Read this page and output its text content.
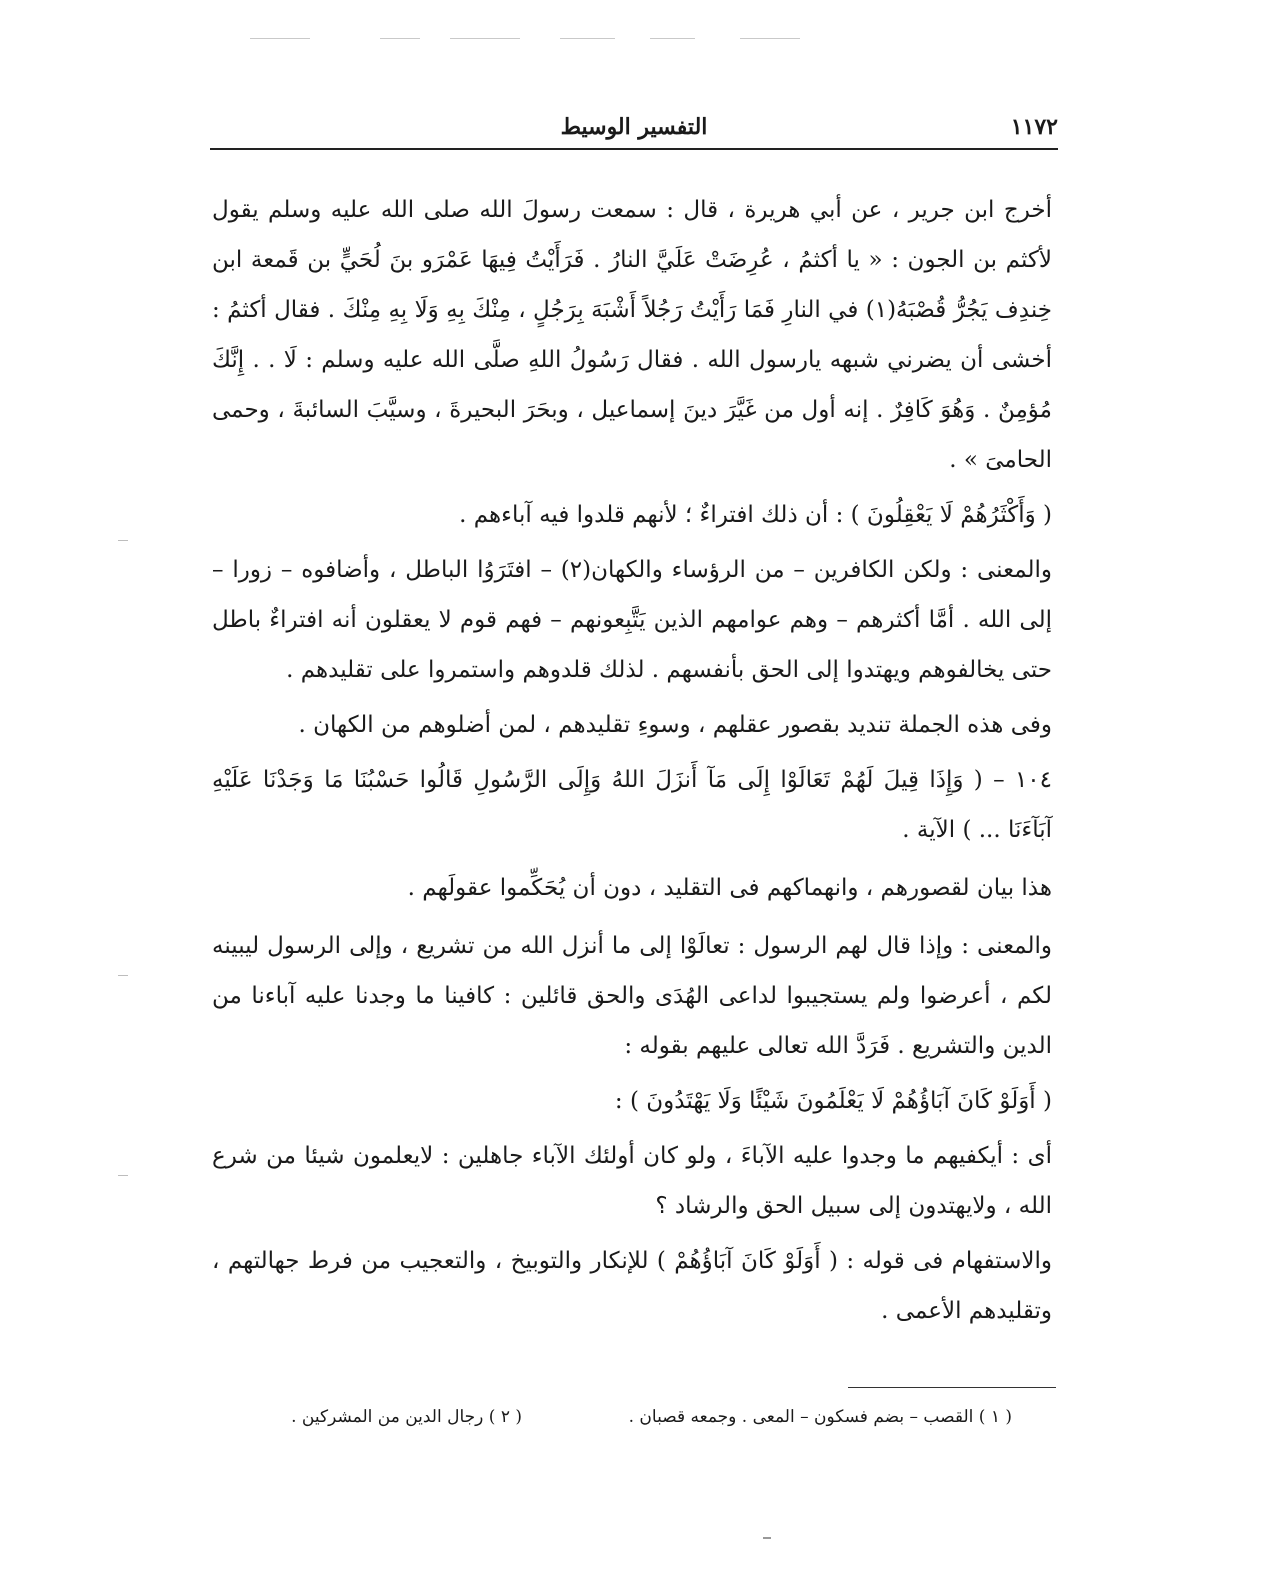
١١٧٢
التفسير الوسيط

أخرج ابن جرير ، عن أبي هريرة ، قال : سمعت رسولَ الله صلى الله عليه وسلم يقول لأكثم بن الجون : « يا أكثمُ ، عُرِضَتْ عَلَيَّ النارُ . فَرَأَيْتُ فِيهَا عَمْرَو بنَ لُحَيٍّ بن قَمعة ابن خِندِف يَجُرُّ قُصْبَهُ(١) في النارِ فَمَا رَأَيْتُ رَجُلاً أَشْبَهَ بِرَجُلٍ ، مِنْكَ بِهِ وَلَا بِهِ مِنْكَ . فقال أكثمُ : أخشى أن يضرني شبهه يارسول الله . فقال رَسُولُ اللهِ صلَّى الله عليه وسلم : لَا . . إِنَّكَ مُؤمِنٌ . وَهُوَ كَافِرٌ . إنه أول من غَيَّرَ دينَ إسماعيل ، وبحَرَ البحيرةَ ، وسيَّبَ السائبةَ ، وحمى الحامىَ » .

( وَأَكْثَرُهُمْ لَا يَعْقِلُونَ ) : أن ذلك افتراءٌ ؛ لأنهم قلدوا فيه آباءهم .

والمعنى : ولكن الكافرين – من الرؤساء والكهان(٢) – افتَرَوُا الباطل ، وأضافوه – زورا – إلى الله . أمَّا أكثرهم – وهم عوامهم الذين يَتَّبِعونهم – فهم قوم لا يعقلون أنه افتراءٌ باطل حتى يخالفوهم ويهتدوا إلى الحق بأنفسهم . لذلك قلدوهم واستمروا على تقليدهم .

وفى هذه الجملة تنديد بقصور عقلهم ، وسوءِ تقليدهم ، لمن أضلوهم من الكهان .

١٠٤ – ( وَإِذَا قِيلَ لَهُمْ تَعَالَوْا إِلَى مَآ أَنزَلَ اللهُ وَإِلَى الرَّسُولِ قَالُوا حَسْبُنَا مَا وَجَدْنَا عَلَيْهِ آبَآءَنَا ... ) الآية .

هذا بيان لقصورهم ، وانهماكهم فى التقليد ، دون أن يُحَكِّموا عقولَهم .

والمعنى : وإذا قال لهم الرسول : تعالَوْا إلى ما أنزل الله من تشريع ، وإلى الرسول ليبينه لكم ، أعرضوا ولم يستجيبوا لداعى الهُدَى والحق قائلين : كافينا ما وجدنا عليه آباءنا من الدين والتشريع . فَرَدَّ الله تعالى عليهم بقوله :

( أَوَلَوْ كَانَ آبَاؤُهُمْ لَا يَعْلَمُونَ شَيْئًا وَلَا يَهْتَدُونَ ) :

أى : أيكفيهم ما وجدوا عليه الآباءَ ، ولو كان أولئك الآباء جاهلين : لايعلمون شيئا من شرع الله ، ولايهتدون إلى سبيل الحق والرشاد ؟

والاستفهام فى قوله : ( أَوَلَوْ كَانَ آبَاؤُهُمْ ) للإنكار والتوبيخ ، والتعجيب من فرط جهالتهم ، وتقليدهم الأعمى .

( ١ ) القصب – بضم فسكون – المعى . وجمعه قصبان .
( ٢ ) رجال الدين من المشركين .
